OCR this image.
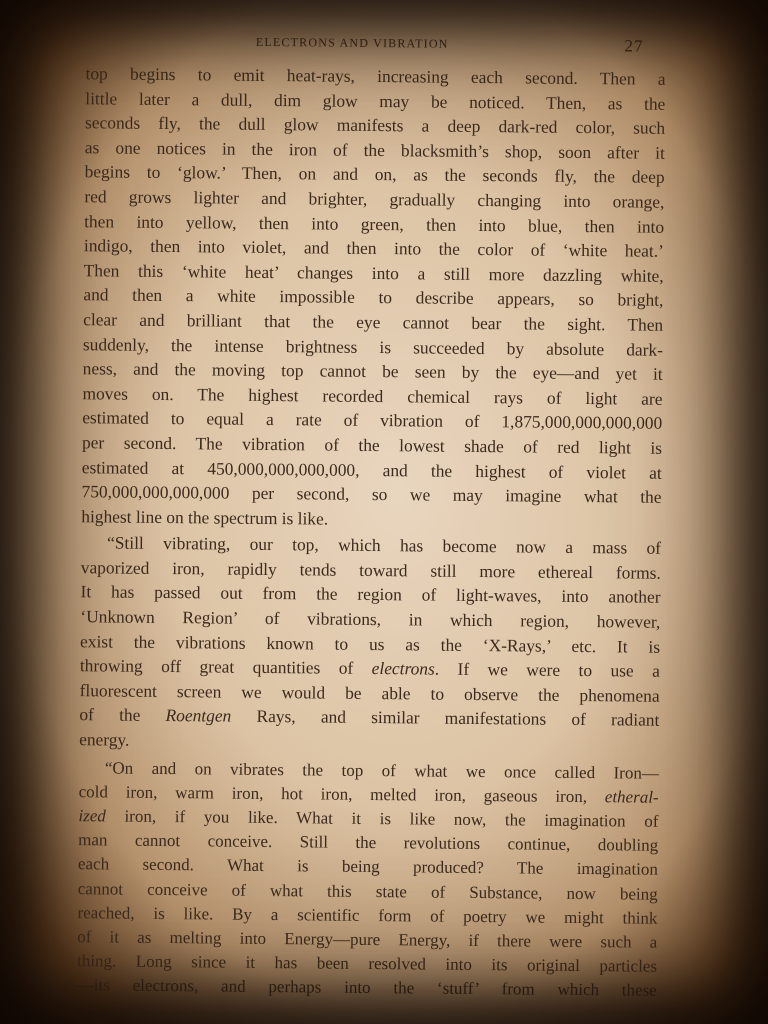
ELECTRONS AND VIBRATION	27

top begins to emit heat-rays, increasing each second. Then a
little later a dull, dim glow may be noticed. Then, as the
seconds fly, the dull glow manifests a deep dark-red color, such
as one notices in the iron of the blacksmith’s shop, soon after it
begins to ‘glow.’ Then, on and on, as the seconds fly, the deep
red grows lighter and brighter, gradually changing into orange,
then into yellow, then into green, then into blue, then into
indigo, then into violet, and then into the color of ‘white heat.’
Then this ‘white heat’ changes into a still more dazzling white,
and then a white impossible to describe appears, so bright,
clear and brilliant that the eye cannot bear the sight. Then
suddenly, the intense brightness is succeeded by absolute dark-
ness, and the moving top cannot be seen by the eye—and yet it
moves on. The highest recorded chemical rays of light are
estimated to equal a rate of vibration of 1,875,000,000,000,000
per second. The vibration of the lowest shade of red light is
estimated at 450,000,000,000,000, and the highest of violet at
750,000,000,000,000 per second, so we may imagine what the
highest line on the spectrum is like.

“Still vibrating, our top, which has become now a mass of
vaporized iron, rapidly tends toward still more ethereal forms.
It has passed out from the region of light-waves, into another
‘Unknown Region’ of vibrations, in which region, however,
exist the vibrations known to us as the ‘X-Rays,’ etc. It is
throwing off great quantities of electrons. If we were to use a
fluorescent screen we would be able to observe the phenomena
of the Roentgen Rays, and similar manifestations of radiant
energy.

“On and on vibrates the top of what we once called Iron—
cold iron, warm iron, hot iron, melted iron, gaseous iron, etheral-
ized iron, if you like. What it is like now, the imagination of
man cannot conceive. Still the revolutions continue, doubling
each second. What is being produced? The imagination
cannot conceive of what this state of Substance, now being
reached, is like. By a scientific form of poetry we might think
of it as melting into Energy—pure Energy, if there were such a
thing. Long since it has been resolved into its original particles
—its electrons, and perhaps into the ‘stuff’ from which these
